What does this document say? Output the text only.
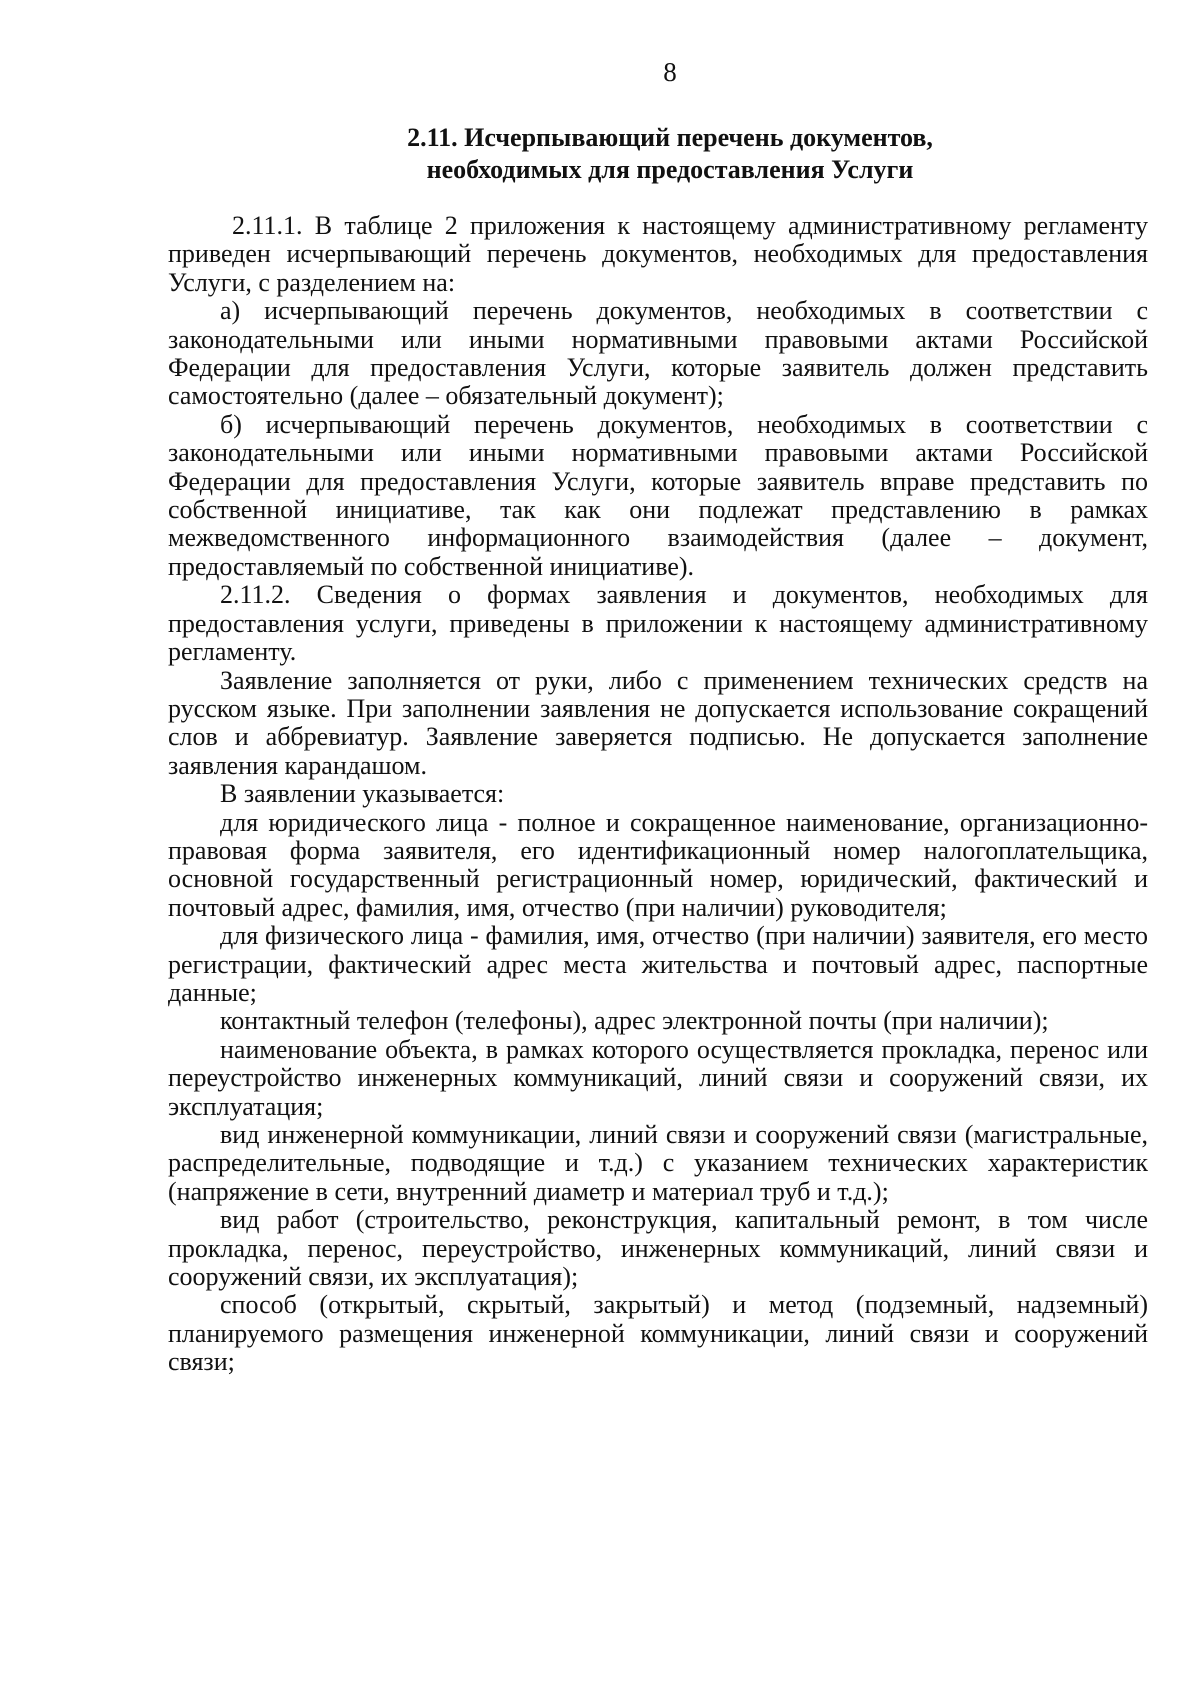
8
2.11. Исчерпывающий перечень документов,
необходимых для предоставления Услуги

2.11.1. В таблице 2 приложения к настоящему административному регламенту приведен исчерпывающий перечень документов, необходимых для предоставления Услуги, с разделением на:

а) исчерпывающий перечень документов, необходимых в соответствии с законодательными или иными нормативными правовыми актами Российской Федерации для предоставления Услуги, которые заявитель должен представить самостоятельно (далее – обязательный документ);

б) исчерпывающий перечень документов, необходимых в соответствии с законодательными или иными нормативными правовыми актами Российской Федерации для предоставления Услуги, которые заявитель вправе представить по собственной инициативе, так как они подлежат представлению в рамках межведомственного информационного взаимодействия (далее – документ, предоставляемый по собственной инициативе).

2.11.2. Сведения о формах заявления и документов, необходимых для предоставления услуги, приведены в приложении к настоящему административному регламенту.

Заявление заполняется от руки, либо с применением технических средств на русском языке. При заполнении заявления не допускается использование сокращений слов и аббревиатур. Заявление заверяется подписью. Не допускается заполнение заявления карандашом.

В заявлении указывается:

для юридического лица - полное и сокращенное наименование, организационно-правовая форма заявителя, его идентификационный номер налогоплательщика, основной государственный регистрационный номер, юридический, фактический и почтовый адрес, фамилия, имя, отчество (при наличии) руководителя;

для физического лица - фамилия, имя, отчество (при наличии) заявителя, его место регистрации, фактический адрес места жительства и почтовый адрес, паспортные данные;

контактный телефон (телефоны), адрес электронной почты (при наличии);

наименование объекта, в рамках которого осуществляется прокладка, перенос или переустройство инженерных коммуникаций, линий связи и сооружений связи, их эксплуатация;

вид инженерной коммуникации, линий связи и сооружений связи (магистральные, распределительные, подводящие и т.д.) с указанием технических характеристик (напряжение в сети, внутренний диаметр и материал труб и т.д.);

вид работ (строительство, реконструкция, капитальный ремонт, в том числе прокладка, перенос, переустройство, инженерных коммуникаций, линий связи и сооружений связи, их эксплуатация);

способ (открытый, скрытый, закрытый) и метод (подземный, надземный) планируемого размещения инженерной коммуникации, линий связи и сооружений связи;
